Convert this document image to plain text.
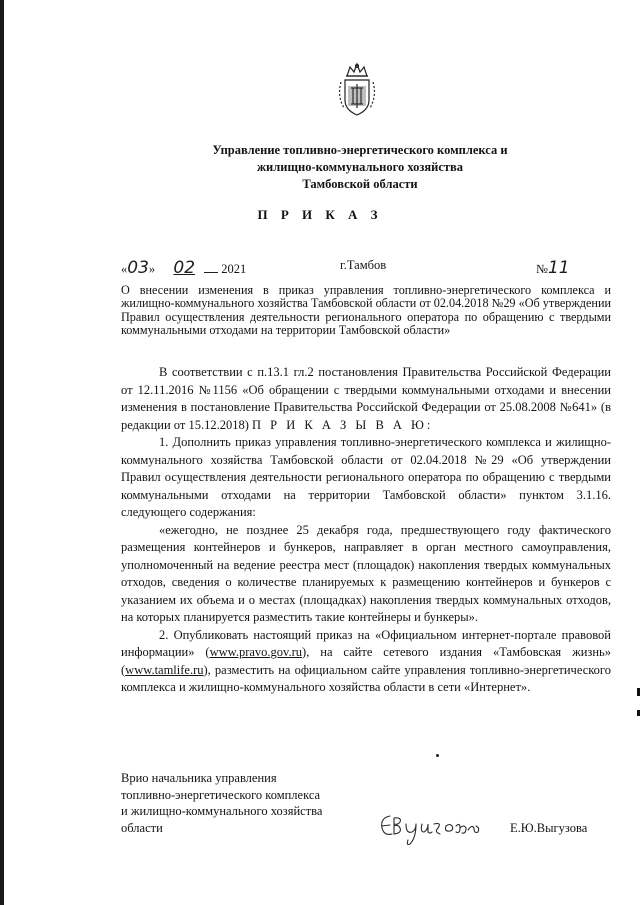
Управление топливно-энергетического комплекса и
жилищно-коммунального хозяйства
Тамбовской области
П Р И К А З
«03» 02 2021	г.Тамбов	№11
О внесении изменения в приказ управления топливно-энергетического комплекса и жилищно-коммунального хозяйства Тамбовской области от 02.04.2018 №29 «Об утверждении Правил осуществления деятельности регионального оператора по обращению с твердыми коммунальными отходами на территории Тамбовской области»

В соответствии с п.13.1 гл.2 постановления Правительства Российской Федерации от 12.11.2016 №1156 «Об обращении с твердыми коммунальными отходами и внесении изменения в постановление Правительства Российской Федерации от 25.08.2008 №641» (в редакции от 15.12.2018) П Р И К А З Ы В А Ю:

1. Дополнить приказ управления топливно-энергетического комплекса и жилищно-коммунального хозяйства Тамбовской области от 02.04.2018 №29 «Об утверждении Правил осуществления деятельности регионального оператора по обращению с твердыми коммунальными отходами на территории Тамбовской области» пунктом 3.1.16. следующего содержания:

«ежегодно, не позднее 25 декабря года, предшествующего году фактического размещения контейнеров и бункеров, направляет в орган местного самоуправления, уполномоченный на ведение реестра мест (площадок) накопления твердых коммунальных отходов, сведения о количестве планируемых к размещению контейнеров и бункеров с указанием их объема и о местах (площадках) накопления твердых коммунальных отходов, на которых планируется разместить такие контейнеры и бункеры».

2. Опубликовать настоящий приказ на «Официальном интернет-портале правовой информации» (www.pravo.gov.ru), на сайте сетевого издания «Тамбовская жизнь» (www.tamlife.ru), разместить на официальном сайте управления топливно-энергетического комплекса и жилищно-коммунального хозяйства области в сети «Интернет».

Врио начальника управления
топливно-энергетического комплекса
и жилищно-коммунального хозяйства
области	Е.Ю.Выгузова
